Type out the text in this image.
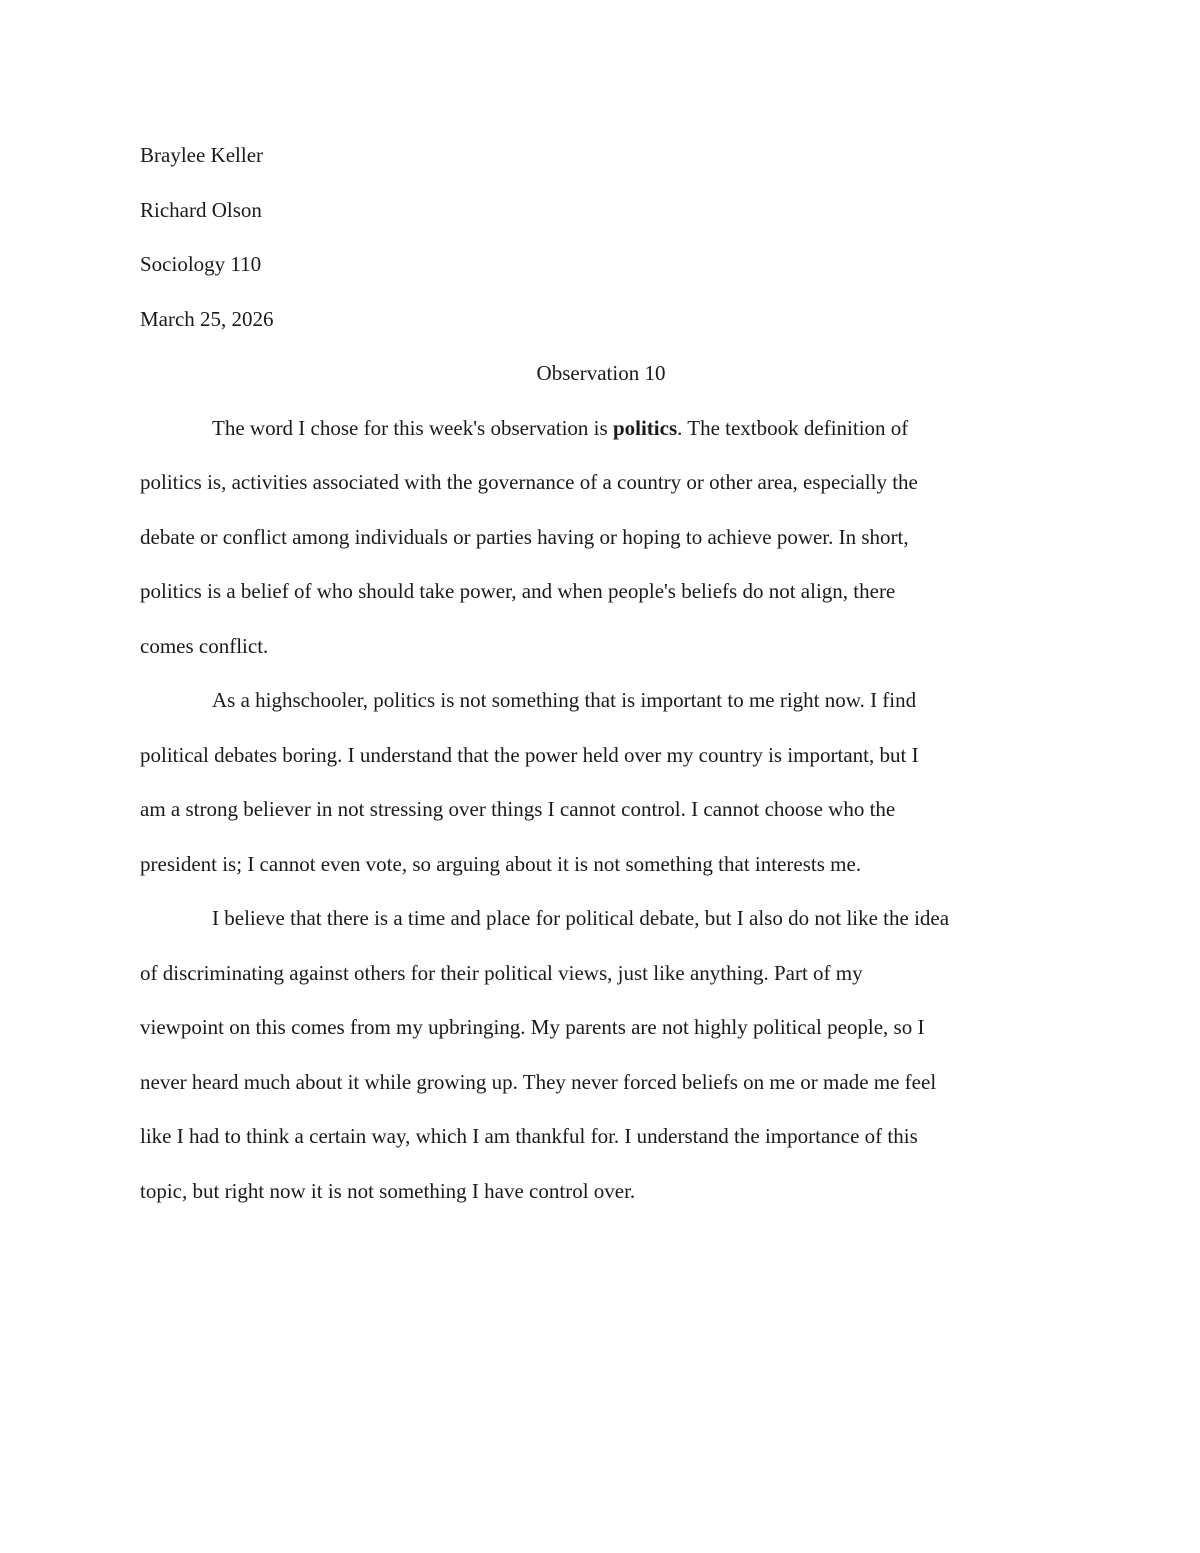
Braylee Keller
Richard Olson
Sociology 110
March 25, 2026
Observation 10
The word I chose for this week's observation is politics. The textbook definition of
politics is, activities associated with the governance of a country or other area, especially the
debate or conflict among individuals or parties having or hoping to achieve power. In short,
politics is a belief of who should take power, and when people's beliefs do not align, there
comes conflict.
As a highschooler, politics is not something that is important to me right now. I find
political debates boring. I understand that the power held over my country is important, but I
am a strong believer in not stressing over things I cannot control. I cannot choose who the
president is; I cannot even vote, so arguing about it is not something that interests me.
I believe that there is a time and place for political debate, but I also do not like the idea
of discriminating against others for their political views, just like anything. Part of my
viewpoint on this comes from my upbringing. My parents are not highly political people, so I
never heard much about it while growing up. They never forced beliefs on me or made me feel
like I had to think a certain way, which I am thankful for. I understand the importance of this
topic, but right now it is not something I have control over.
